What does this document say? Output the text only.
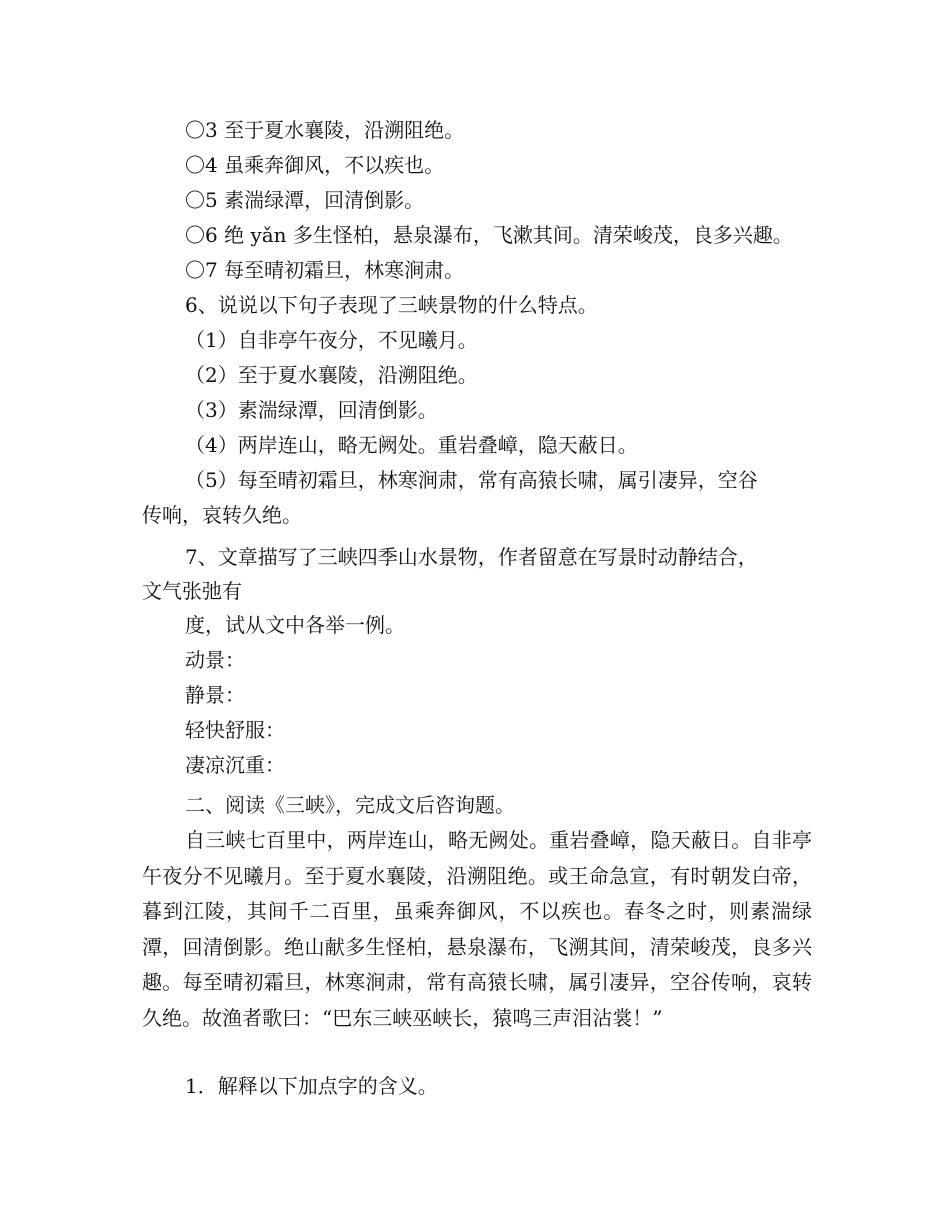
〇3 至于夏水襄陵，沿溯阻绝。
〇4 虽乘奔御风，不以疾也。
〇5 素湍绿潭，回清倒影。
〇6 绝 yǎn 多生怪柏，悬泉瀑布，飞漱其间。清荣峻茂，良多兴趣。
〇7 每至晴初霜旦，林寒涧肃。
6、说说以下句子表现了三峡景物的什么特点。
（1）自非亭午夜分，不见曦月。
（2）至于夏水襄陵，沿溯阻绝。
（3）素湍绿潭，回清倒影。
（4）两岸连山，略无阙处。重岩叠嶂，隐天蔽日。
（5）每至晴初霜旦，林寒涧肃，常有高猿长啸，属引凄异，空谷
传响，哀转久绝。
7、文章描写了三峡四季山水景物，作者留意在写景时动静结合，
文气张弛有
度，试从文中各举一例。
动景：
静景：
轻快舒服：
凄凉沉重：
二、阅读《三峡》，完成文后咨询题。
自三峡七百里中，两岸连山，略无阙处。重岩叠嶂，隐天蔽日。自非亭午夜分不见曦月。至于夏水襄陵，沿溯阻绝。或王命急宣，有时朝发白帝，暮到江陵，其间千二百里，虽乘奔御风，不以疾也。春冬之时，则素湍绿潭，回清倒影。绝山献多生怪柏，悬泉瀑布，飞溯其间，清荣峻茂，良多兴趣。每至晴初霜旦，林寒涧肃，常有高猿长啸，属引凄异，空谷传响，哀转久绝。故渔者歌曰：“巴东三峡巫峡长，猿鸣三声泪沾裳！”
1．解释以下加点字的含义。
